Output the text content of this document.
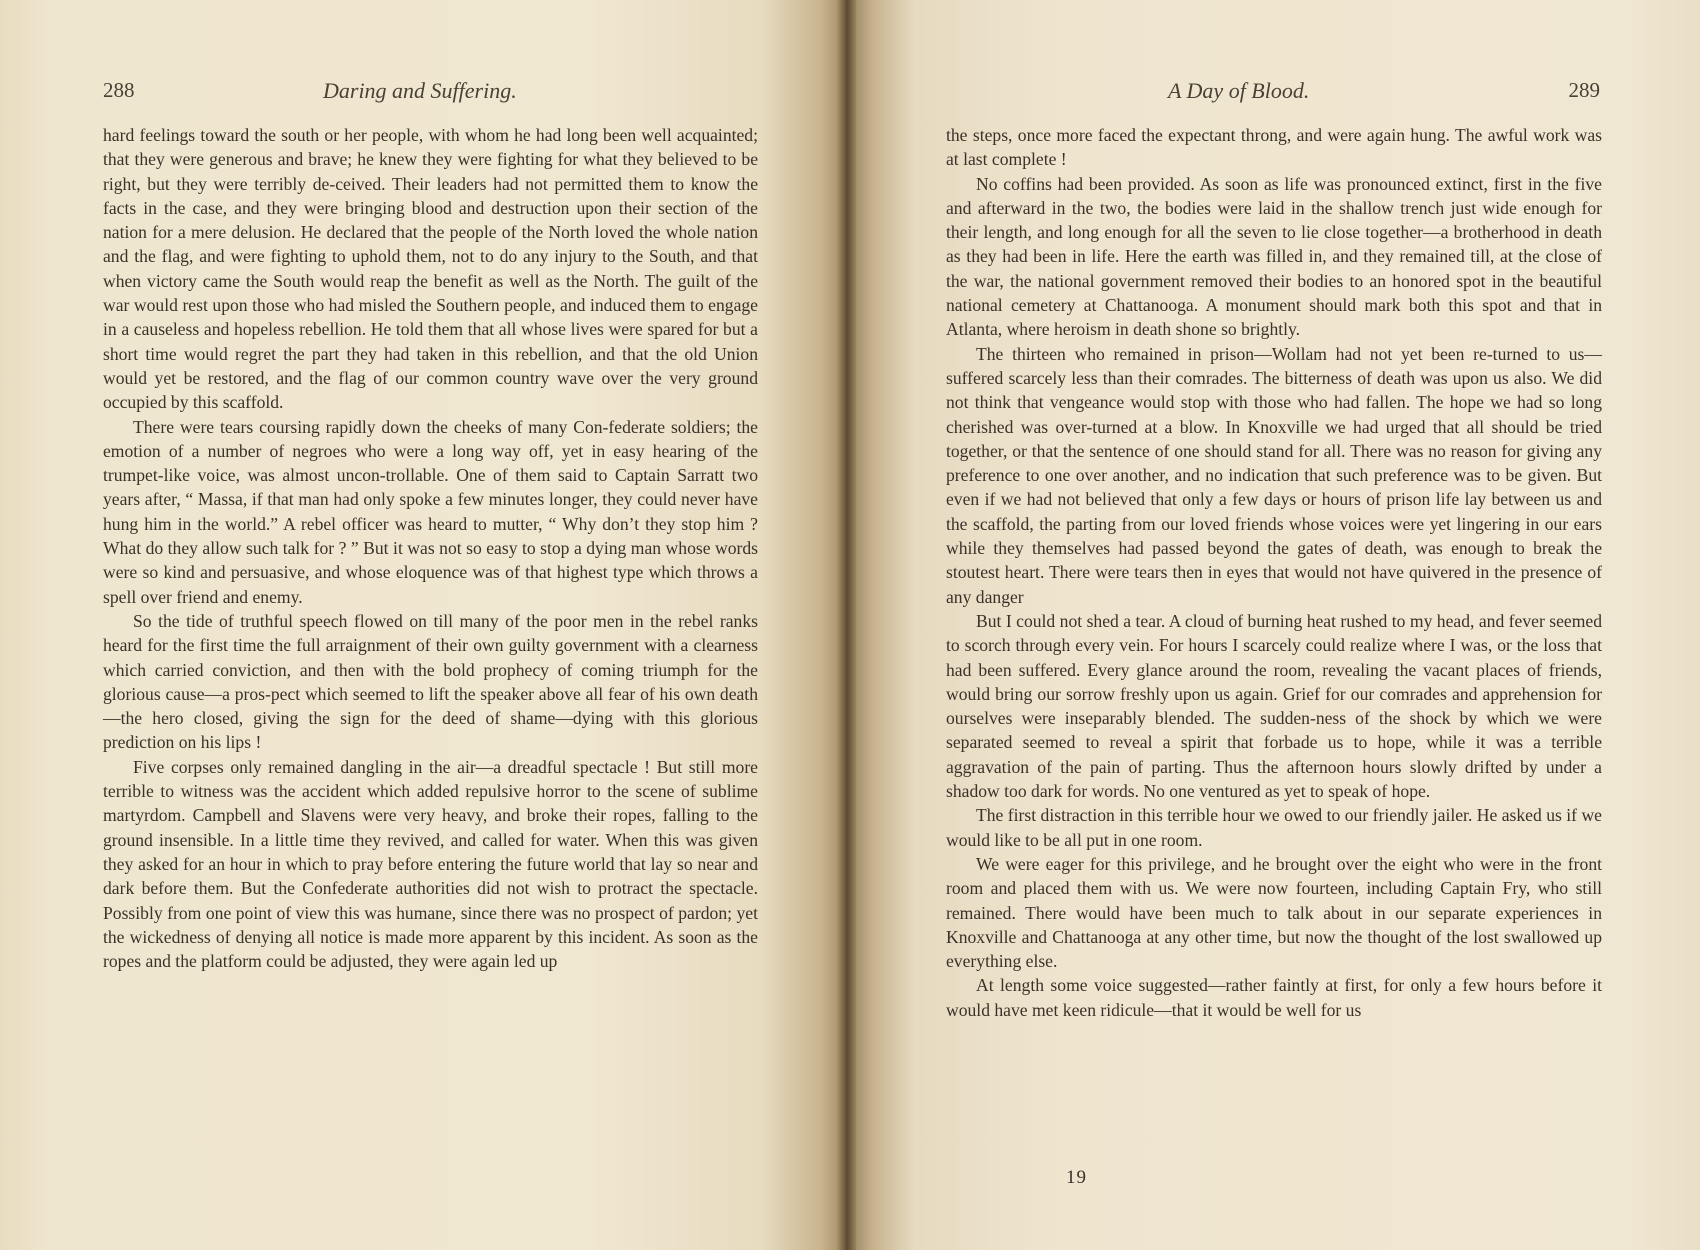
288	Daring and Suffering.

hard feelings toward the south or her people, with whom he had long been well acquainted; that they were generous and brave; he knew they were fighting for what they believed to be right, but they were terribly de-ceived. Their leaders had not permitted them to know the facts in the case, and they were bringing blood and destruction upon their section of the nation for a mere delusion. He declared that the people of the North loved the whole nation and the flag, and were fighting to uphold them, not to do any injury to the South, and that when victory came the South would reap the benefit as well as the North. The guilt of the war would rest upon those who had misled the Southern people, and induced them to engage in a causeless and hopeless rebellion. He told them that all whose lives were spared for but a short time would regret the part they had taken in this rebellion, and that the old Union would yet be restored, and the flag of our common country wave over the very ground occupied by this scaffold.

There were tears coursing rapidly down the cheeks of many Con-federate soldiers; the emotion of a number of negroes who were a long way off, yet in easy hearing of the trumpet-like voice, was almost uncon-trollable. One of them said to Captain Sarratt two years after, “ Massa, if that man had only spoke a few minutes longer, they could never have hung him in the world.” A rebel officer was heard to mutter, “ Why don’t they stop him ? What do they allow such talk for ? ” But it was not so easy to stop a dying man whose words were so kind and persuasive, and whose eloquence was of that highest type which throws a spell over friend and enemy.

So the tide of truthful speech flowed on till many of the poor men in the rebel ranks heard for the first time the full arraignment of their own guilty government with a clearness which carried conviction, and then with the bold prophecy of coming triumph for the glorious cause—a pros-pect which seemed to lift the speaker above all fear of his own death—the hero closed, giving the sign for the deed of shame—dying with this glorious prediction on his lips !

Five corpses only remained dangling in the air—a dreadful spectacle ! But still more terrible to witness was the accident which added repulsive horror to the scene of sublime martyrdom. Campbell and Slavens were very heavy, and broke their ropes, falling to the ground insensible. In a little time they revived, and called for water. When this was given they asked for an hour in which to pray before entering the future world that lay so near and dark before them. But the Confederate authorities did not wish to protract the spectacle. Possibly from one point of view this was humane, since there was no prospect of pardon; yet the wickedness of denying all notice is made more apparent by this incident. As soon as the ropes and the platform could be adjusted, they were again led up

A Day of Blood.	289

the steps, once more faced the expectant throng, and were again hung. The awful work was at last complete !

No coffins had been provided. As soon as life was pronounced extinct, first in the five and afterward in the two, the bodies were laid in the shallow trench just wide enough for their length, and long enough for all the seven to lie close together—a brotherhood in death as they had been in life. Here the earth was filled in, and they remained till, at the close of the war, the national government removed their bodies to an honored spot in the beautiful national cemetery at Chattanooga. A monument should mark both this spot and that in Atlanta, where heroism in death shone so brightly.

The thirteen who remained in prison—Wollam had not yet been re-turned to us—suffered scarcely less than their comrades. The bitterness of death was upon us also. We did not think that vengeance would stop with those who had fallen. The hope we had so long cherished was over-turned at a blow. In Knoxville we had urged that all should be tried together, or that the sentence of one should stand for all. There was no reason for giving any preference to one over another, and no indication that such preference was to be given. But even if we had not believed that only a few days or hours of prison life lay between us and the scaffold, the parting from our loved friends whose voices were yet lingering in our ears while they themselves had passed beyond the gates of death, was enough to break the stoutest heart. There were tears then in eyes that would not have quivered in the presence of any danger

But I could not shed a tear. A cloud of burning heat rushed to my head, and fever seemed to scorch through every vein. For hours I scarcely could realize where I was, or the loss that had been suffered. Every glance around the room, revealing the vacant places of friends, would bring our sorrow freshly upon us again. Grief for our comrades and apprehension for ourselves were inseparably blended. The sudden-ness of the shock by which we were separated seemed to reveal a spirit that forbade us to hope, while it was a terrible aggravation of the pain of parting. Thus the afternoon hours slowly drifted by under a shadow too dark for words. No one ventured as yet to speak of hope.

The first distraction in this terrible hour we owed to our friendly jailer. He asked us if we would like to be all put in one room.

We were eager for this privilege, and he brought over the eight who were in the front room and placed them with us. We were now fourteen, including Captain Fry, who still remained. There would have been much to talk about in our separate experiences in Knoxville and Chattanooga at any other time, but now the thought of the lost swallowed up everything else.

At length some voice suggested—rather faintly at first, for only a few hours before it would have met keen ridicule—that it would be well for us

19
